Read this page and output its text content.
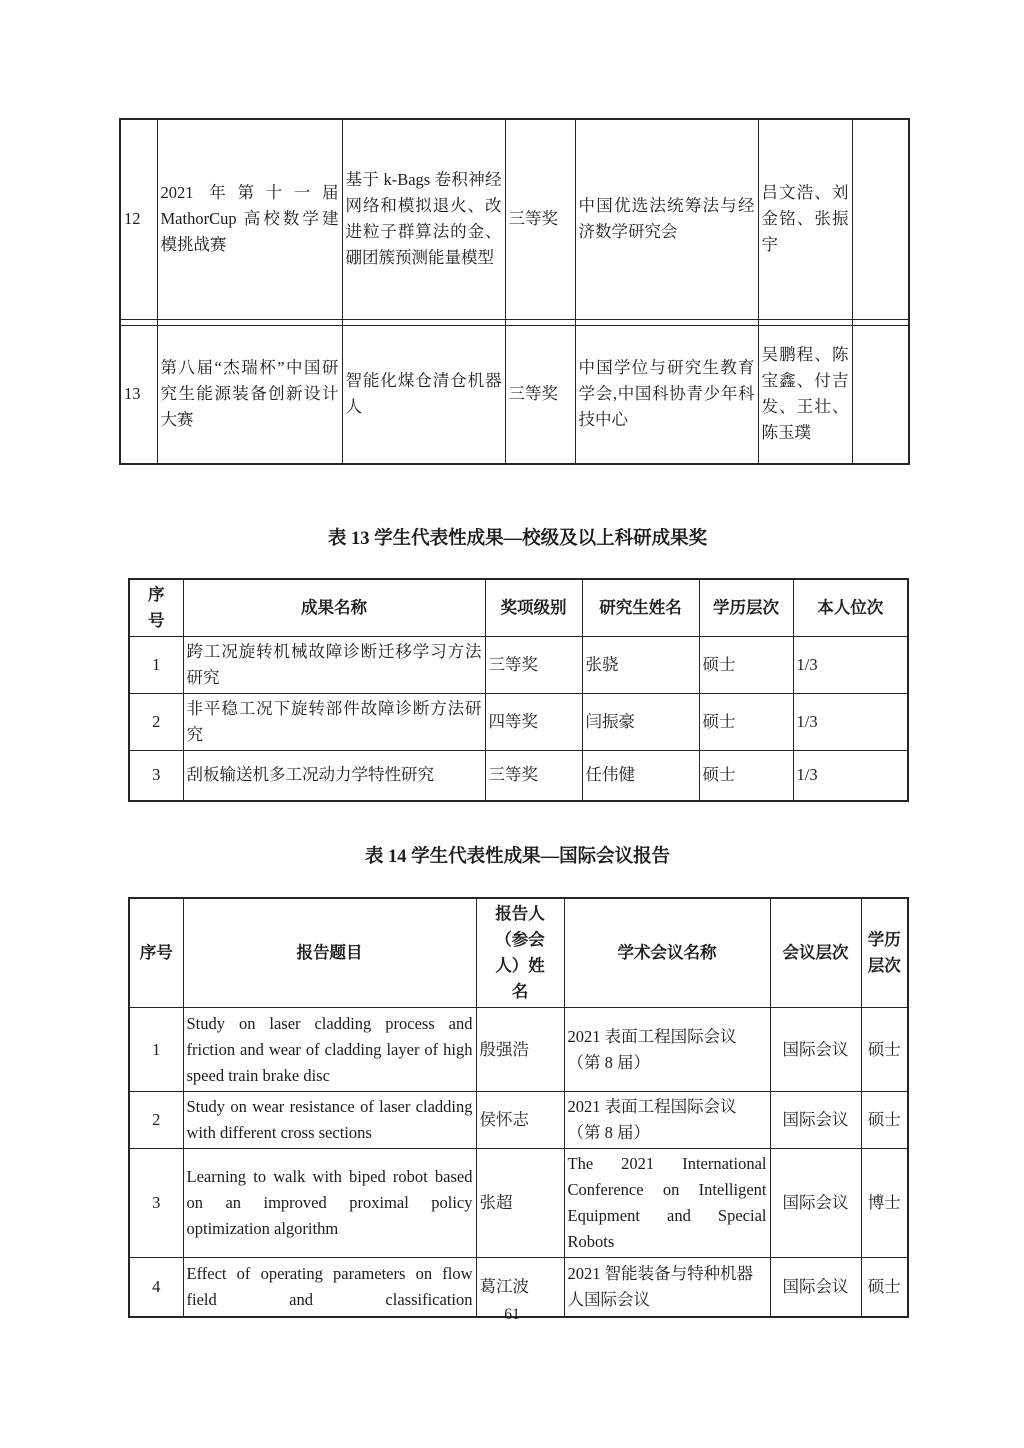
12	2021 年第十一届 MathorCup 高校数学建模挑战赛	基于 k-Bags 卷积神经网络和模拟退火、改进粒子群算法的金、硼团簇预测能量模型	三等奖	中国优选法统筹法与经济数学研究会	吕文浩、刘金铭、张振宇	

13	第八届“杰瑞杯”中国研究生能源装备创新设计大赛	智能化煤仓清仓机器人	三等奖	中国学位与研究生教育学会,中国科协青少年科技中心	吴鹏程、陈宝鑫、付吉发、王壮、陈玉璞	
表 13 学生代表性成果—校级及以上科研成果奖
序号	成果名称	奖项级别	研究生姓名	学历层次	本人位次
1	跨工况旋转机械故障诊断迁移学习方法研究	三等奖	张骁	硕士	1/3
2	非平稳工况下旋转部件故障诊断方法研究	四等奖	闫振豪	硕士	1/3
3	刮板输送机多工况动力学特性研究	三等奖	任伟健	硕士	1/3
表 14 学生代表性成果—国际会议报告
序号	报告题目	报告人（参会人）姓名	学术会议名称	会议层次	学历层次
1	Study on laser cladding process and friction and wear of cladding layer of high speed train brake disc	殷强浩	2021 表面工程国际会议（第 8 届）	国际会议	硕士
2	Study on wear resistance of laser cladding with different cross sections	侯怀志	2021 表面工程国际会议（第 8 届）	国际会议	硕士
3	Learning to walk with biped robot based on an improved proximal policy optimization algorithm	张超	The 2021 International Conference on Intelligent Equipment and Special Robots	国际会议	博士
4	Effect of operating parameters on flow field and classification	葛江波	2021 智能装备与特种机器人国际会议	国际会议	硕士
61
